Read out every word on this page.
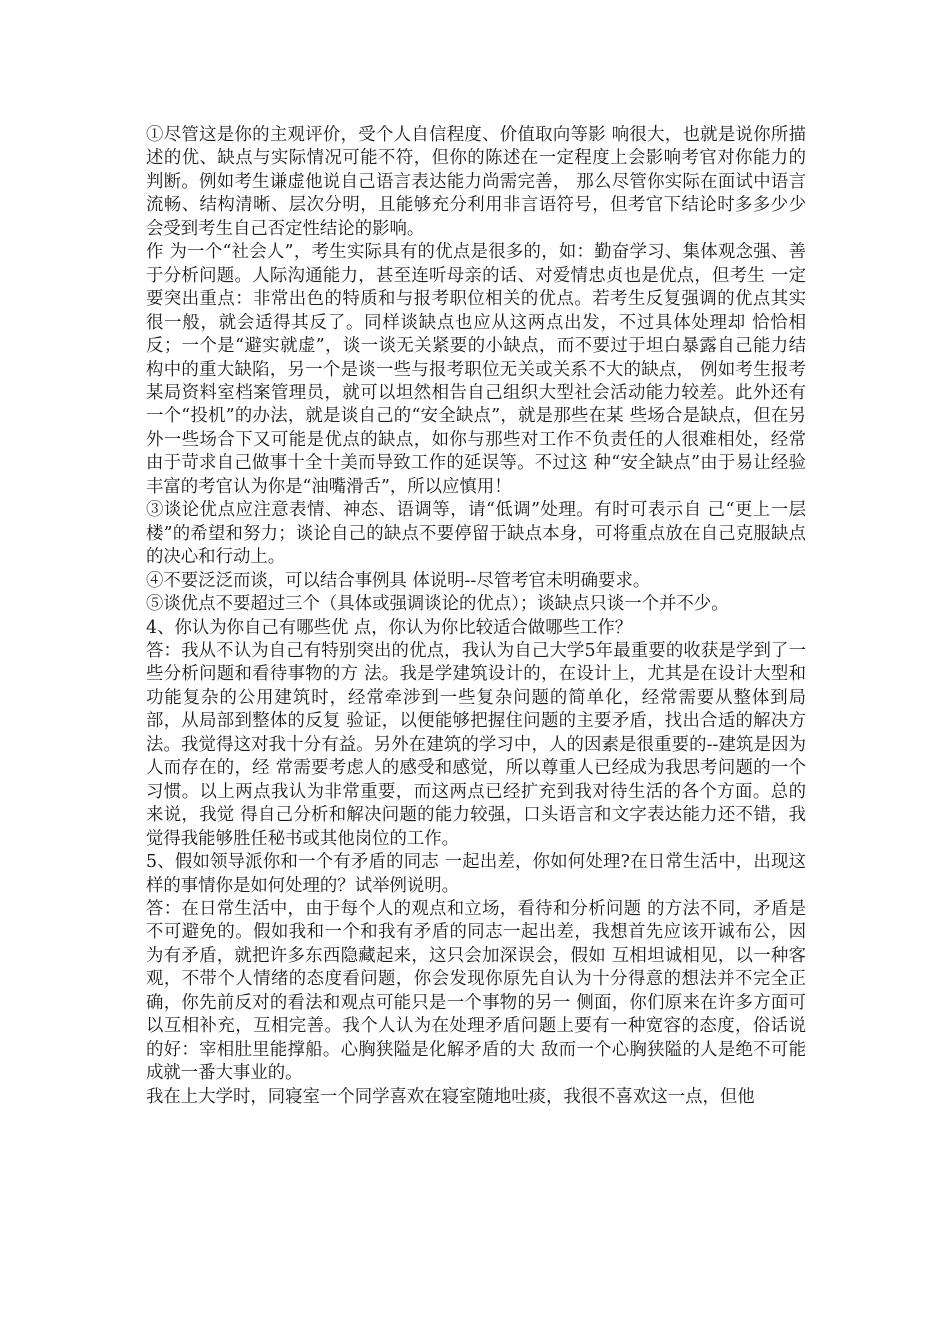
①尽管这是你的主观评价，受个人自信程度、价值取向等影 响很大，也就是说你所描述的优、缺点与实际情况可能不符，但你的陈述在一定程度上会影响考官对你能力的判断。例如考生谦虚他说自己语言表达能力尚需完善， 那么尽管你实际在面试中语言流畅、结构清晰、层次分明，且能够充分利用非言语符号，但考官下结论时多多少少会受到考生自己否定性结论的影响。

作 为一个“社会人”，考生实际具有的优点是很多的，如：勤奋学习、集体观念强、善于分析问题。人际沟通能力，甚至连听母亲的话、对爱情忠贞也是优点，但考生 一定要突出重点：非常出色的特质和与报考职位相关的优点。若考生反复强调的优点其实很一般，就会适得其反了。同样谈缺点也应从这两点出发，不过具体处理却 恰恰相反；一个是“避实就虚”，谈一谈无关紧要的小缺点，而不要过于坦白暴露自己能力结构中的重大缺陷，另一个是谈一些与报考职位无关或关系不大的缺点， 例如考生报考某局资料室档案管理员，就可以坦然相告自己组织大型社会活动能力较差。此外还有一个“投机”的办法，就是谈自己的“安全缺点”，就是那些在某 些场合是缺点，但在另外一些场合下又可能是优点的缺点，如你与那些对工作不负责任的人很难相处，经常由于苛求自己做事十全十美而导致工作的延误等。不过这 种“安全缺点”由于易让经验丰富的考官认为你是“油嘴滑舌”，所以应慎用！

③谈论优点应注意表情、神态、语调等，请“低调”处理。有时可表示自 己“更上一层楼”的希望和努力；谈论自己的缺点不要停留于缺点本身，可将重点放在自己克服缺点的决心和行动上。

④不要泛泛而谈，可以结合事例具 体说明--尽管考官未明确要求。

⑤谈优点不要超过三个（具体或强调谈论的优点）；谈缺点只谈一个并不少。

4、你认为你自己有哪些优 点，你认为你比较适合做哪些工作？

答：我从不认为自己有特别突出的优点，我认为自己大学5年最重要的收获是学到了一些分析问题和看待事物的方 法。我是学建筑设计的，在设计上，尤其是在设计大型和功能复杂的公用建筑时，经常牵涉到一些复杂问题的简单化，经常需要从整体到局部，从局部到整体的反复 验证，以便能够把握住问题的主要矛盾，找出合适的解决方法。我觉得这对我十分有益。另外在建筑的学习中，人的因素是很重要的--建筑是因为人而存在的，经 常需要考虑人的感受和感觉，所以尊重人已经成为我思考问题的一个习惯。以上两点我认为非常重要，而这两点已经扩充到我对待生活的各个方面。总的来说，我觉 得自己分析和解决问题的能力较强，口头语言和文字表达能力还不错，我觉得我能够胜任秘书或其他岗位的工作。

5、假如领导派你和一个有矛盾的同志 一起出差，你如何处理?在日常生活中，出现这样的事情你是如何处理的？试举例说明。

答：在日常生活中，由于每个人的观点和立场，看待和分析问题 的方法不同，矛盾是不可避免的。假如我和一个和我有矛盾的同志一起出差，我想首先应该开诚布公，因为有矛盾，就把许多东西隐藏起来，这只会加深误会，假如 互相坦诚相见，以一种客观，不带个人情绪的态度看问题，你会发现你原先自认为十分得意的想法并不完全正确，你先前反对的看法和观点可能只是一个事物的另一 侧面，你们原来在许多方面可以互相补充，互相完善。我个人认为在处理矛盾问题上要有一种宽容的态度，俗话说的好：宰相肚里能撑船。心胸狭隘是化解矛盾的大 敌而一个心胸狭隘的人是绝不可能成就一番大事业的。

我在上大学时，同寝室一个同学喜欢在寝室随地吐痰，我很不喜欢这一点，但他
